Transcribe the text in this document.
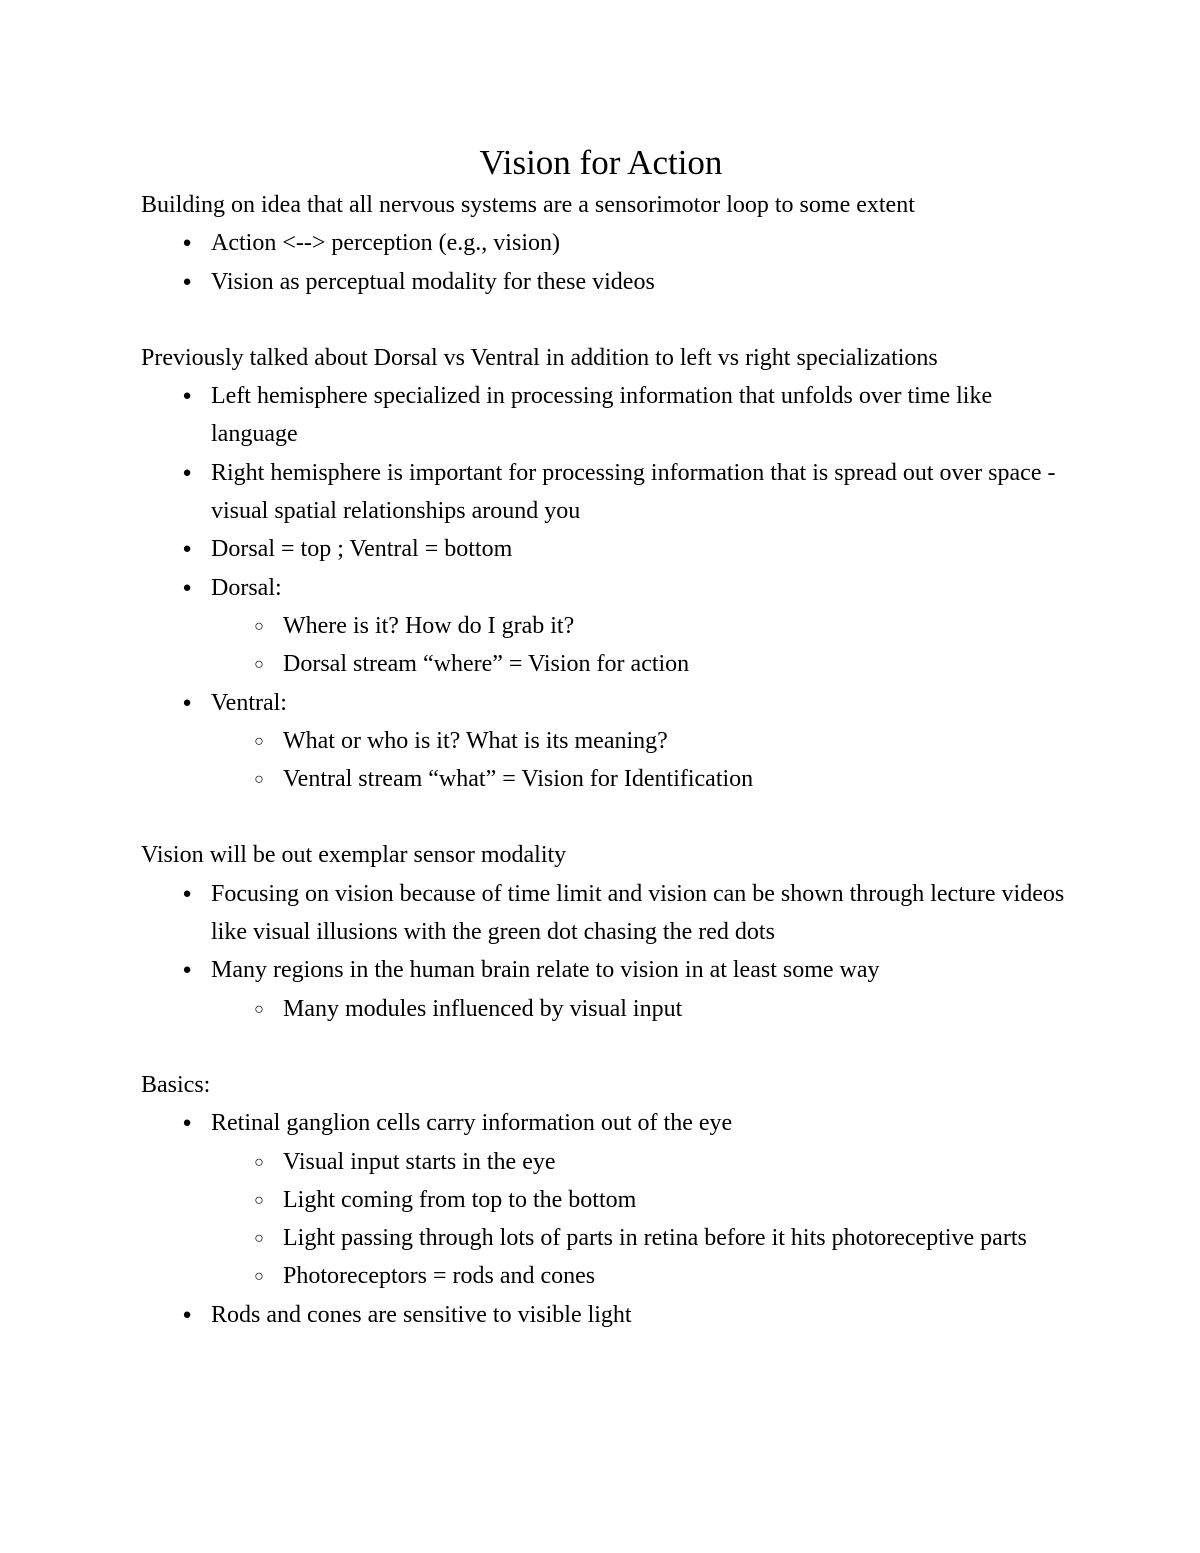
Vision for Action
Building on idea that all nervous systems are a sensorimotor loop to some extent
● Action <--> perception (e.g., vision)
● Vision as perceptual modality for these videos
Previously talked about Dorsal vs Ventral in addition to left vs right specializations
● Left hemisphere specialized in processing information that unfolds over time like language
● Right hemisphere is important for processing information that is spread out over space - visual spatial relationships around you
● Dorsal = top ; Ventral = bottom
● Dorsal:
○ Where is it? How do I grab it?
○ Dorsal stream “where” = Vision for action
● Ventral:
○ What or who is it? What is its meaning?
○ Ventral stream “what” = Vision for Identification
Vision will be out exemplar sensor modality
● Focusing on vision because of time limit and vision can be shown through lecture videos like visual illusions with the green dot chasing the red dots
● Many regions in the human brain relate to vision in at least some way
○ Many modules influenced by visual input
Basics:
● Retinal ganglion cells carry information out of the eye
○ Visual input starts in the eye
○ Light coming from top to the bottom
○ Light passing through lots of parts in retina before it hits photoreceptive parts
○ Photoreceptors = rods and cones
● Rods and cones are sensitive to visible light
